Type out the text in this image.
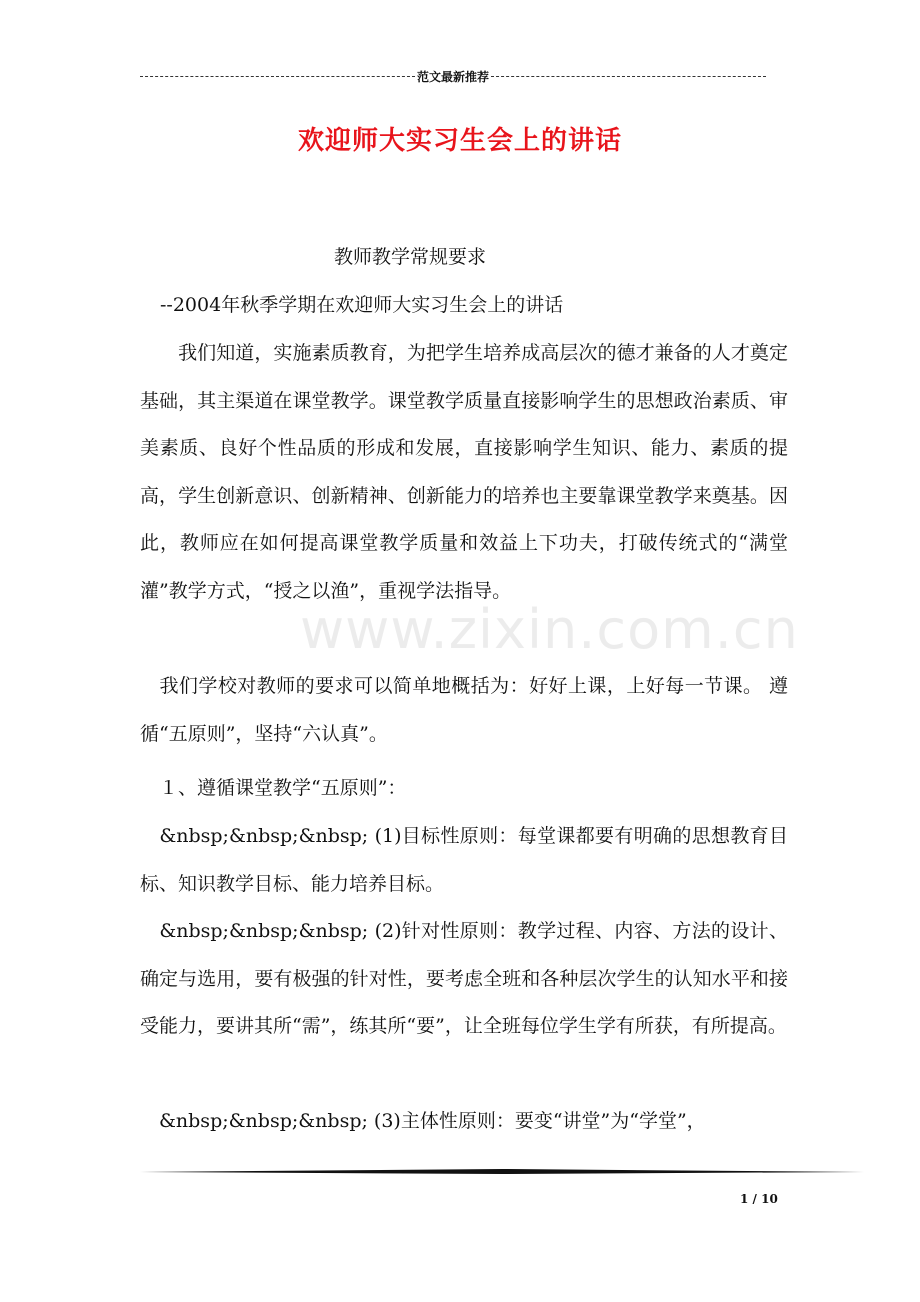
范文最新推荐
欢迎师大实习生会上的讲话
教师教学常规要求
--2004年秋季学期在欢迎师大实习生会上的讲话

　　我们知道，实施素质教育，为把学生培养成高层次的德才兼备的人才奠定基础，其主渠道在课堂教学。课堂教学质量直接影响学生的思想政治素质、审美素质、良好个性品质的形成和发展，直接影响学生知识、能力、素质的提高，学生创新意识、创新精神、创新能力的培养也主要靠课堂教学来奠基。因此，教师应在如何提高课堂教学质量和效益上下功夫，打破传统式的“满堂灌”教学方式，“授之以渔”，重视学法指导。

　我们学校对教师的要求可以简单地概括为：好好上课，上好每一节课。 遵循“五原则”，坚持“六认真”。

　１、遵循课堂教学“五原则”：

　&nbsp;&nbsp;&nbsp; (1)目标性原则：每堂课都要有明确的思想教育目标、知识教学目标、能力培养目标。

　&nbsp;&nbsp;&nbsp; (2)针对性原则：教学过程、内容、方法的设计、确定与选用，要有极强的针对性，要考虑全班和各种层次学生的认知水平和接受能力，要讲其所“需”，练其所“要”，让全班每位学生学有所获，有所提高。

　&nbsp;&nbsp;&nbsp; (3)主体性原则：要变“讲堂”为“学堂”，

www.zixin.com.cn
1 / 10
